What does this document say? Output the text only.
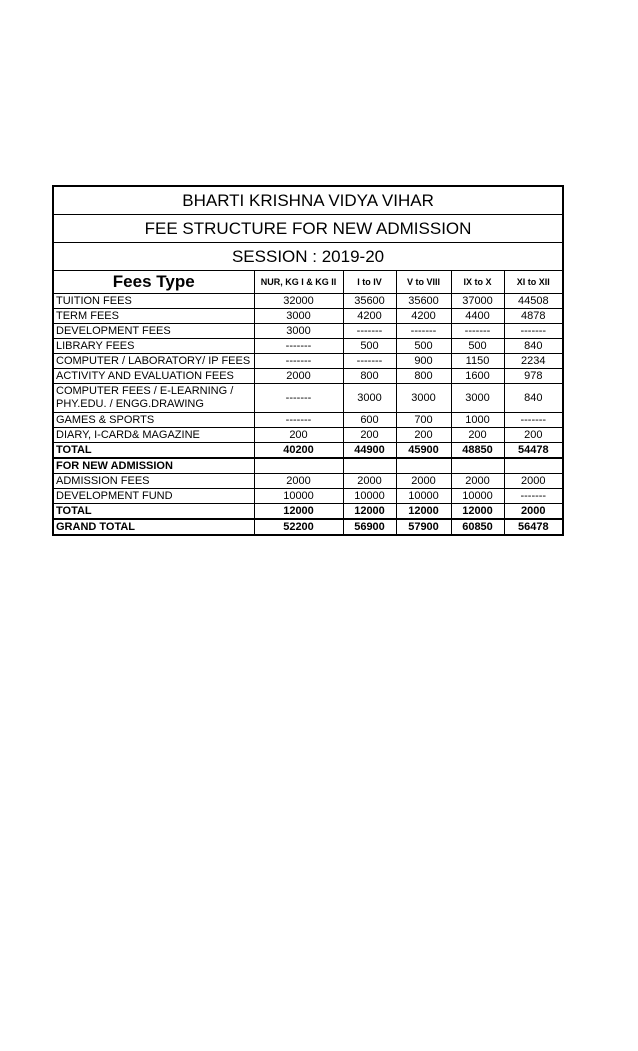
BHARTI KRISHNA VIDYA VIHAR					
FEE STRUCTURE FOR NEW ADMISSION					
SESSION : 2019-20					
Fees Type	NUR, KG I & KG II	I to IV	V to VIII	IX to X	XI to XII
TUITION FEES	32000	35600	35600	37000	44508
TERM FEES	3000	4200	4200	4400	4878
DEVELOPMENT FEES	3000	-------	-------	-------	-------
LIBRARY FEES	-------	500	500	500	840
COMPUTER / LABORATORY/ IP FEES	-------	-------	900	1150	2234
ACTIVITY AND EVALUATION FEES	2000	800	800	1600	978
COMPUTER FEES / E-LEARNING / PHY.EDU. / ENGG.DRAWING	-------	3000	3000	3000	840
GAMES & SPORTS	-------	600	700	1000	-------
DIARY, I-CARD& MAGAZINE	200	200	200	200	200
TOTAL	40200	44900	45900	48850	54478
FOR NEW ADMISSION					
ADMISSION FEES	2000	2000	2000	2000	2000
DEVELOPMENT FUND	10000	10000	10000	10000	-------
TOTAL	12000	12000	12000	12000	2000
GRAND TOTAL	52200	56900	57900	60850	56478
